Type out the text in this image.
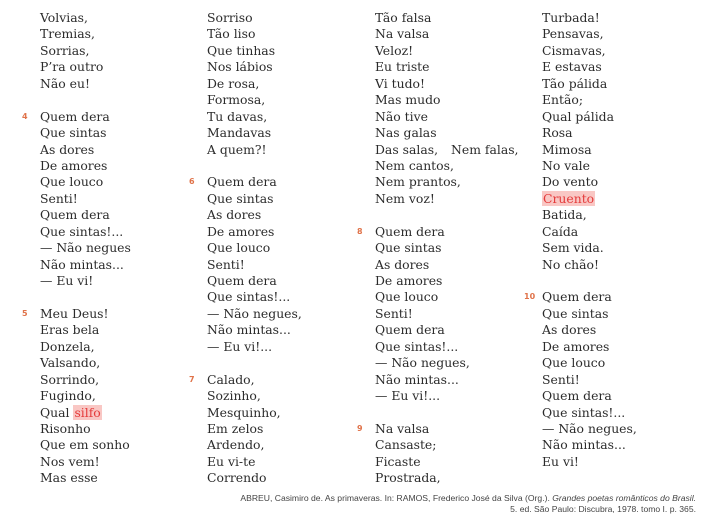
Volvias,
Tremias,
Sorrias,
P’ra outro
Não eu!
4 Quem dera
Que sintas
As dores
De amores
Que louco
Senti!
Quem dera
Que sintas!...
— Não negues
Não mintas...
— Eu vi!
5 Meu Deus!
Eras bela
Donzela,
Valsando,
Sorrindo,
Fugindo,
Qual silfo
Risonho
Que em sonho
Nos vem!
Mas esse
Sorriso
Tão liso
Que tinhas
Nos lábios
De rosa,
Formosa,
Tu davas,
Mandavas
A quem?!
6 Quem dera
Que sintas
As dores
De amores
Que louco
Senti!
Quem dera
Que sintas!...
— Não negues,
Não mintas...
— Eu vi!...
7 Calado,
Sozinho,
Mesquinho,
Em zelos
Ardendo,
Eu vi-te
Correndo
Tão falsa
Na valsa
Veloz!
Eu triste
Vi tudo!
Mas mudo
Não tive
Nas galas
Das salas, Nem falas,
Nem cantos,
Nem prantos,
Nem voz!
8 Quem dera
Que sintas
As dores
De amores
Que louco
Senti!
Quem dera
Que sintas!...
— Não negues,
Não mintas...
— Eu vi!...
9 Na valsa
Cansaste;
Ficaste
Prostrada,
Turbada!
Pensavas,
Cismavas,
E estavas
Tão pálida
Então;
Qual pálida
Rosa
Mimosa
No vale
Do vento
Cruento
Batida,
Caída
Sem vida.
No chão!
10 Quem dera
Que sintas
As dores
De amores
Que louco
Senti!
Quem dera
Que sintas!...
— Não negues,
Não mintas...
Eu vi!
ABREU, Casimiro de. As primaveras. In: RAMOS, Frederico José da Silva (Org.). Grandes poetas românticos do Brasil.
5. ed. São Paulo: Discubra, 1978. tomo I. p. 365.
